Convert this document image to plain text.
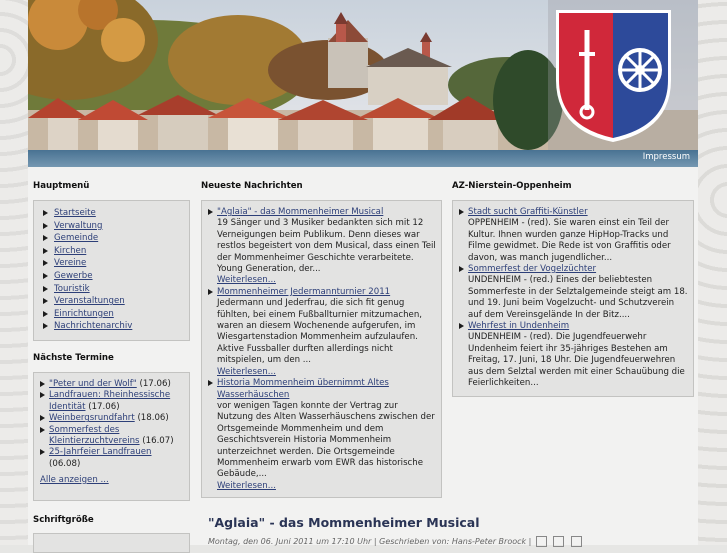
Impressum
Hauptmenü
Startseite
Verwaltung
Gemeinde
Kirchen
Vereine
Gewerbe
Touristik
Veranstaltungen
Einrichtungen
Nachrichtenarchiv
Nächste Termine
"Peter und der Wolf" (17.06)
Landfrauen: Rheinhessische Identität (17.06)
Weinbergsrundfahrt (18.06)
Sommerfest des Kleintierzuchtvereins (16.07)
25-Jahrfeier Landfrauen (06.08)
Alle anzeigen ...
Schriftgröße
Neueste Nachrichten
"Aglaia" - das Mommenheimer Musical
19 Sänger und 3 Musiker bedankten sich mit 12 Verneigungen beim Publikum. Denn dieses war restlos begeistert von dem Musical, dass einen Teil der Mommenheimer Geschichte verarbeitete. Young Generation, der...
Weiterlesen...
Mommenheimer Jedermannturnier 2011
Jedermann und Jederfrau, die sich fit genug fühlten, bei einem Fußballturnier mitzumachen, waren an diesem Wochenende aufgerufen, im Wiesgartenstadion Mommenheim aufzulaufen. Aktive Fussballer durften allerdings nicht mitspielen, um den ...
Weiterlesen...
Historia Mommenheim übernimmt Altes Wasserhäuschen
vor wenigen Tagen konnte der Vertrag zur Nutzung des Alten Wasserhäuschens zwischen der Ortsgemeinde Mommenheim und dem Geschichtsverein Historia Mommenheim unterzeichnet werden. Die Ortsgemeinde Mommenheim erwarb vom EWR das historische Gebäude,...
Weiterlesen...
AZ-Nierstein-Oppenheim
Stadt sucht Graffiti-Künstler
OPPENHEIM - (red). Sie waren einst ein Teil der Kultur. Ihnen wurden ganze HipHop-Tracks und Filme gewidmet. Die Rede ist von Graffitis oder davon, was manch jugendlicher...
Sommerfest der Vogelzüchter
UNDENHEIM - (red.) Eines der beliebtesten Sommerfeste in der Selztalgemeinde steigt am 18. und 19. Juni beim Vogelzucht- und Schutzverein auf dem Vereinsgelände In der Bitz....
Wehrfest in Undenheim
UNDENHEIM - (red). Die Jugendfeuerwehr Undenheim feiert ihr 35-jähriges Bestehen am Freitag, 17. Juni, 18 Uhr. Die Jugendfeuerwehren aus dem Selztal werden mit einer Schauübung die Feierlichkeiten...
"Aglaia" - das Mommenheimer Musical
Montag, den 06. Juni 2011 um 17:10 Uhr | Geschrieben von: Hans-Peter Broock |
